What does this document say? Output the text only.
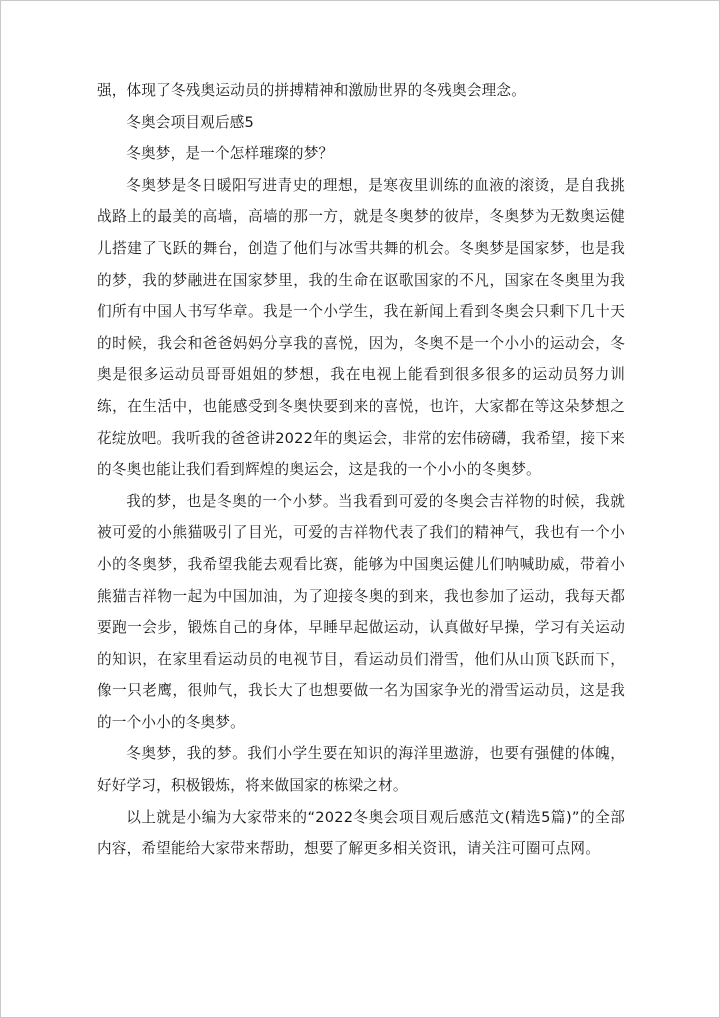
强，体现了冬残奥运动员的拼搏精神和激励世界的冬残奥会理念。

冬奥会项目观后感5

冬奥梦，是一个怎样璀璨的梦？

冬奥梦是冬日暖阳写进青史的理想，是寒夜里训练的血液的滚烫，是自我挑战路上的最美的高墙，高墙的那一方，就是冬奥梦的彼岸，冬奥梦为无数奥运健儿搭建了飞跃的舞台，创造了他们与冰雪共舞的机会。冬奥梦是国家梦，也是我的梦，我的梦融进在国家梦里，我的生命在讴歌国家的不凡，国家在冬奥里为我们所有中国人书写华章。我是一个小学生，我在新闻上看到冬奥会只剩下几十天的时候，我会和爸爸妈妈分享我的喜悦，因为，冬奥不是一个小小的运动会，冬奥是很多运动员哥哥姐姐的梦想，我在电视上能看到很多很多的运动员努力训练，在生活中，也能感受到冬奥快要到来的喜悦，也许，大家都在等这朵梦想之花绽放吧。我听我的爸爸讲2022年的奥运会，非常的宏伟磅礴，我希望，接下来的冬奥也能让我们看到辉煌的奥运会，这是我的一个小小的冬奥梦。

我的梦，也是冬奥的一个小梦。当我看到可爱的冬奥会吉祥物的时候，我就被可爱的小熊猫吸引了目光，可爱的吉祥物代表了我们的精神气，我也有一个小小的冬奥梦，我希望我能去观看比赛，能够为中国奥运健儿们呐喊助威，带着小熊猫吉祥物一起为中国加油，为了迎接冬奥的到来，我也参加了运动，我每天都要跑一会步，锻炼自己的身体，早睡早起做运动，认真做好早操，学习有关运动的知识，在家里看运动员的电视节目，看运动员们滑雪，他们从山顶飞跃而下，像一只老鹰，很帅气，我长大了也想要做一名为国家争光的滑雪运动员，这是我的一个小小的冬奥梦。

冬奥梦，我的梦。我们小学生要在知识的海洋里遨游，也要有强健的体魄，好好学习，积极锻炼，将来做国家的栋梁之材。

以上就是小编为大家带来的“2022冬奥会项目观后感范文(精选5篇)”的全部内容，希望能给大家带来帮助，想要了解更多相关资讯，请关注可圈可点网。
